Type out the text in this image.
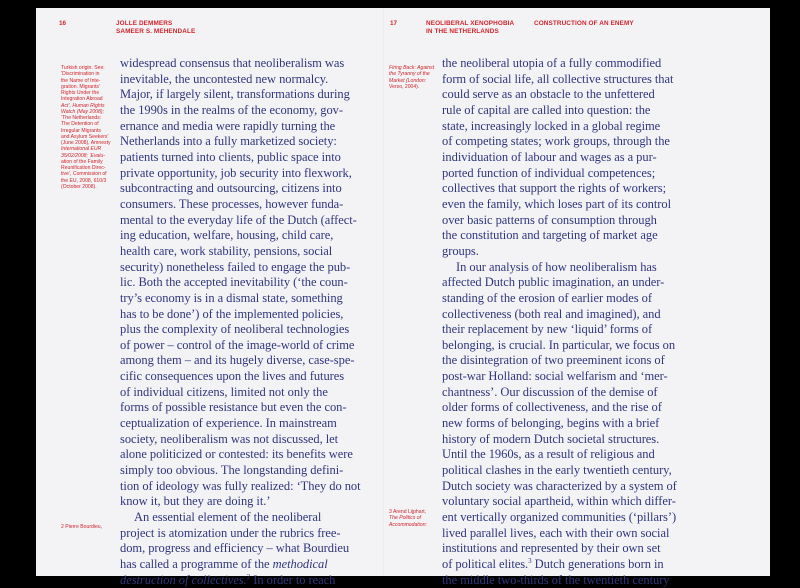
16	JOLLE DEMMERS
SAMEER S. MEHENDALE
Turkish origin. See:
‘Discrimination in
the Name of Inte-
gration. Migrants’
Rights Under the
Integration Abroad
Act’, Human Rights
Watch (May 2008);
‘The Netherlands:
The Detention of
Irregular Migrants
and Asylum Seekers’
(June 2008), Amnesty
International EUR
35/02/2008; ‘Evalu-
ation of the Family
Reunification Direc-
tive’, Commission of
the EU, 2008, 610/3
(October 2008).
2 Pierre Bourdieu,
widespread consensus that neoliberalism was
inevitable, the uncontested new normalcy.
Major, if largely silent, transformations during
the 1990s in the realms of the economy, gov-
ernance and media were rapidly turning the
Netherlands into a fully marketized society:
patients turned into clients, public space into
private opportunity, job security into flexwork,
subcontracting and outsourcing, citizens into
consumers. These processes, however funda-
mental to the everyday life of the Dutch (affect-
ing education, welfare, housing, child care,
health care, work stability, pensions, social
security) nonetheless failed to engage the pub-
lic. Both the accepted inevitability (‘the coun-
try’s economy is in a dismal state, something
has to be done’) of the implemented policies,
plus the complexity of neoliberal technologies
of power – control of the image-world of crime
among them – and its hugely diverse, case-spe-
cific consequences upon the lives and futures
of individual citizens, limited not only the
forms of possible resistance but even the con-
ceptualization of experience. In mainstream
society, neoliberalism was not discussed, let
alone politicized or contested: its benefits were
simply too obvious. The longstanding defini-
tion of ideology was fully realized: ‘They do not
know it, but they are doing it.’
An essential element of the neoliberal
project is atomization under the rubrics free-
dom, progress and efficiency – what Bourdieu
has called a programme of the methodical
destruction of collectives.$^2$ In order to reach
17	NEOLIBERAL XENOPHOBIA
IN THE NETHERLANDS
CONSTRUCTION OF AN ENEMY
Firing Back: Against
the Tyranny of the
Market (London:
Verso, 2004).
3 Arend Lijphart,
The Politics of
Accommodation:
the neoliberal utopia of a fully commodified
form of social life, all collective structures that
could serve as an obstacle to the unfettered
rule of capital are called into question: the
state, increasingly locked in a global regime
of competing states; work groups, through the
individuation of labour and wages as a pur-
ported function of individual competences;
collectives that support the rights of workers;
even the family, which loses part of its control
over basic patterns of consumption through
the constitution and targeting of market age
groups.
In our analysis of how neoliberalism has
affected Dutch public imagination, an under-
standing of the erosion of earlier modes of
collectiveness (both real and imagined), and
their replacement by new ‘liquid’ forms of
belonging, is crucial. In particular, we focus on
the disintegration of two preeminent icons of
post-war Holland: social welfarism and ‘mer-
chantness’. Our discussion of the demise of
older forms of collectiveness, and the rise of
new forms of belonging, begins with a brief
history of modern Dutch societal structures.
Until the 1960s, as a result of religious and
political clashes in the early twentieth century,
Dutch society was characterized by a system of
voluntary social apartheid, within which differ-
ent vertically organized communities (‘pillars’)
lived parallel lives, each with their own social
institutions and represented by their own set
of political elites.$^3$ Dutch generations born in
the middle two-thirds of the twentieth century
